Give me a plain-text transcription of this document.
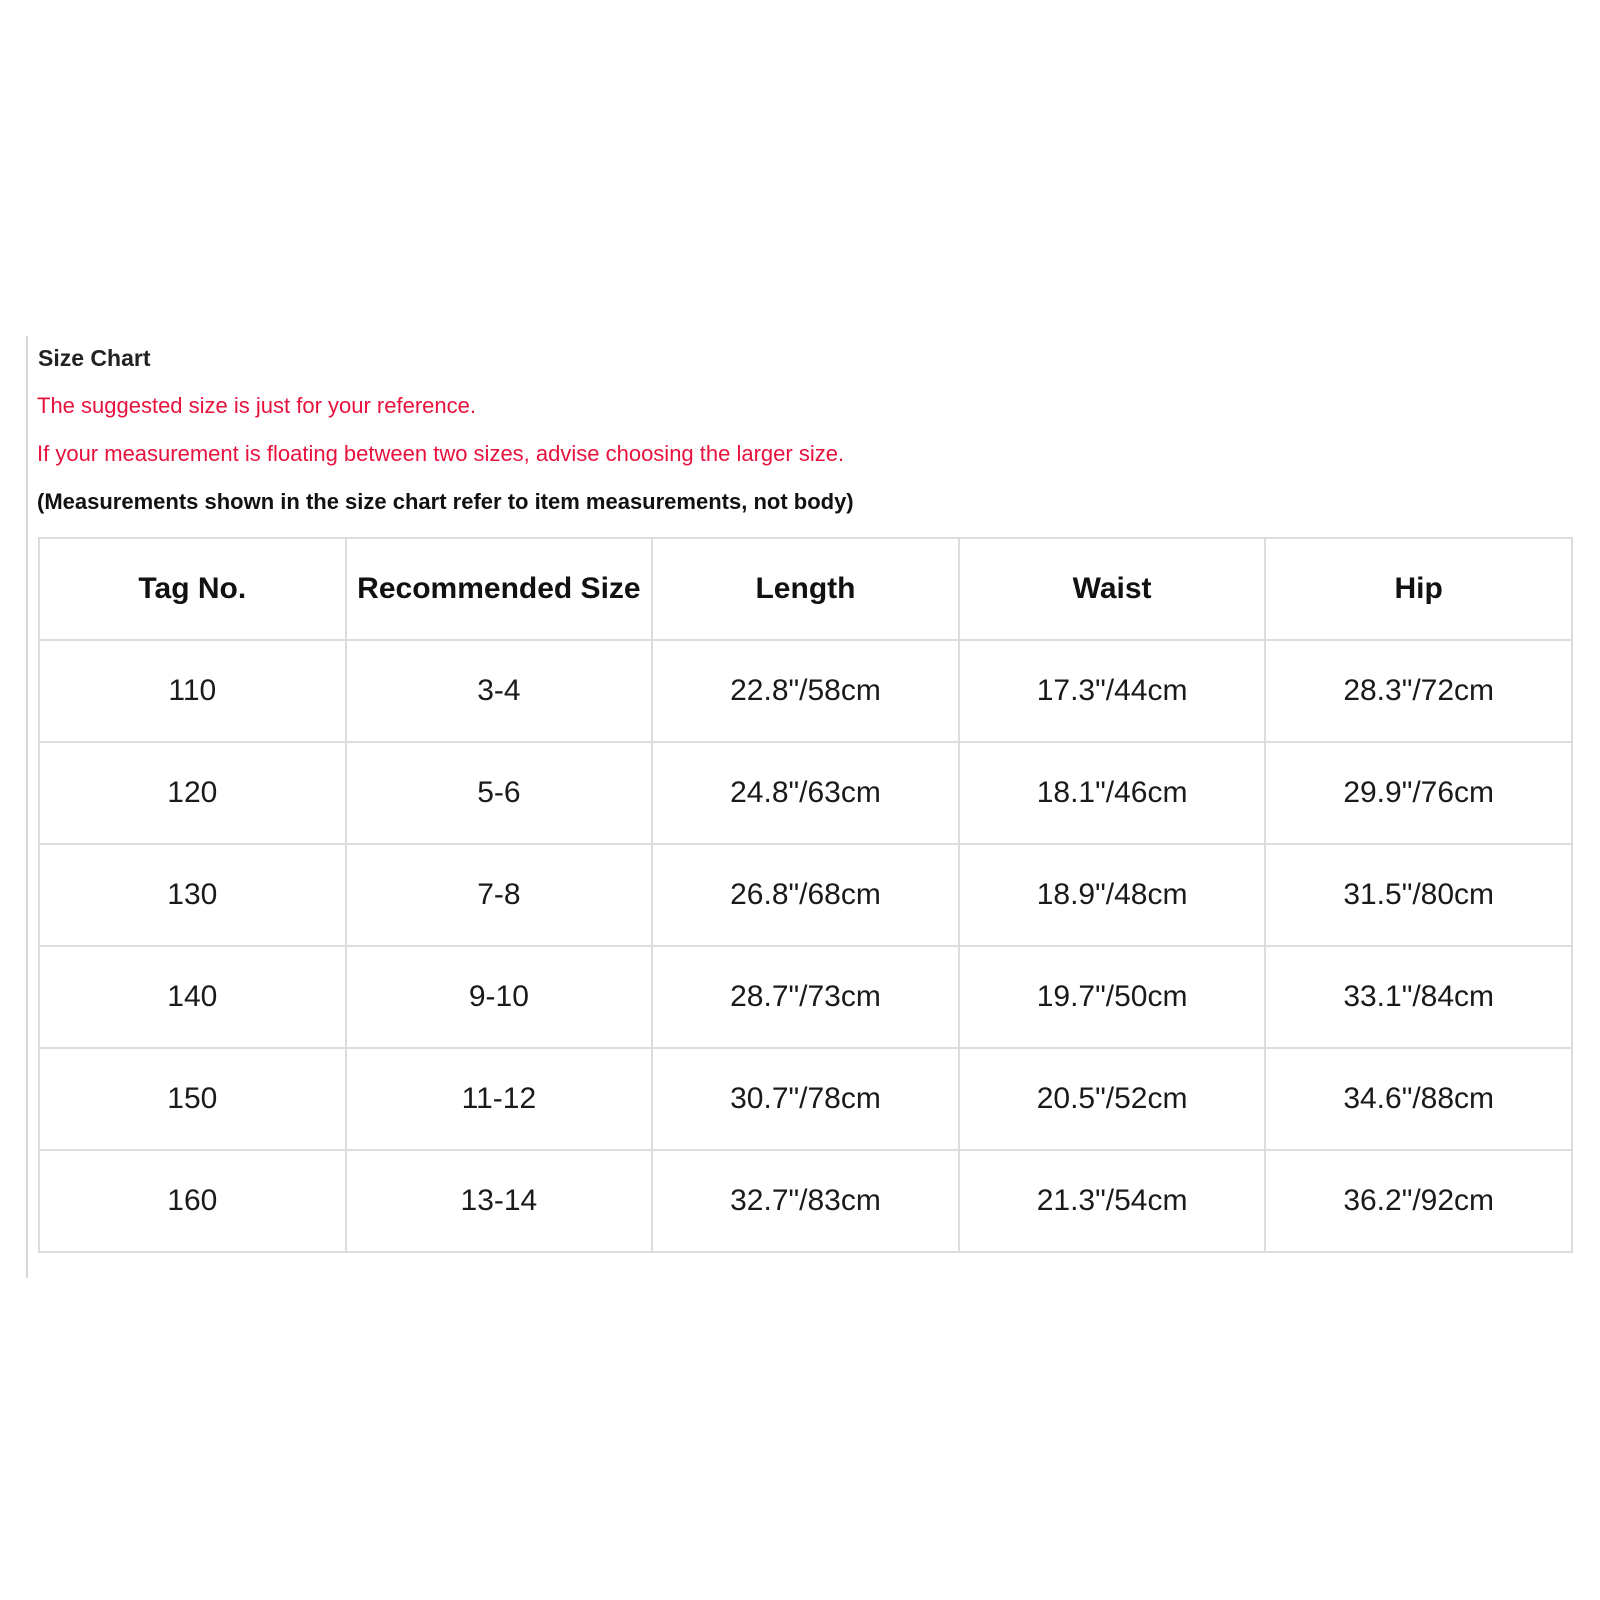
Size Chart
The suggested size is just for your reference.
If your measurement is floating between two sizes, advise choosing the larger size.
(Measurements shown in the size chart refer to item measurements, not body)
Tag No.	Recommended Size	Length	Waist	Hip
110	3-4	22.8"/58cm	17.3"/44cm	28.3"/72cm
120	5-6	24.8"/63cm	18.1"/46cm	29.9"/76cm
130	7-8	26.8"/68cm	18.9"/48cm	31.5"/80cm
140	9-10	28.7"/73cm	19.7"/50cm	33.1"/84cm
150	11-12	30.7"/78cm	20.5"/52cm	34.6"/88cm
160	13-14	32.7"/83cm	21.3"/54cm	36.2"/92cm
